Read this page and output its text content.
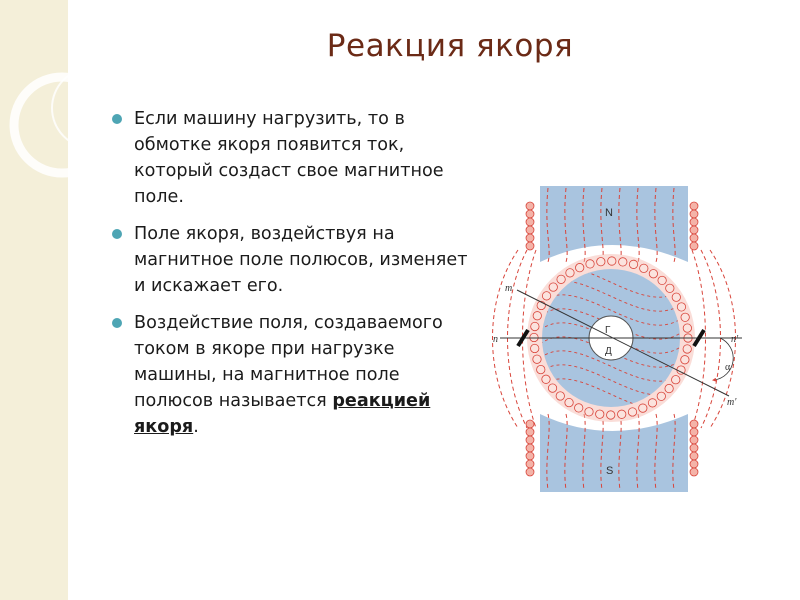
Реакция якоря
Если машину нагрузить, то в обмотке якоря появится ток, который создаст свое магнитное поле.
Поле якоря, воздействуя на магнитное поле полюсов, изменяет и искажает его.
Воздействие поля, создаваемого током в якоре при нагрузке машины, на магнитное поле полюсов называется реакцией якоря.
N
S
m
m'
n	n'
α
Г
Д
